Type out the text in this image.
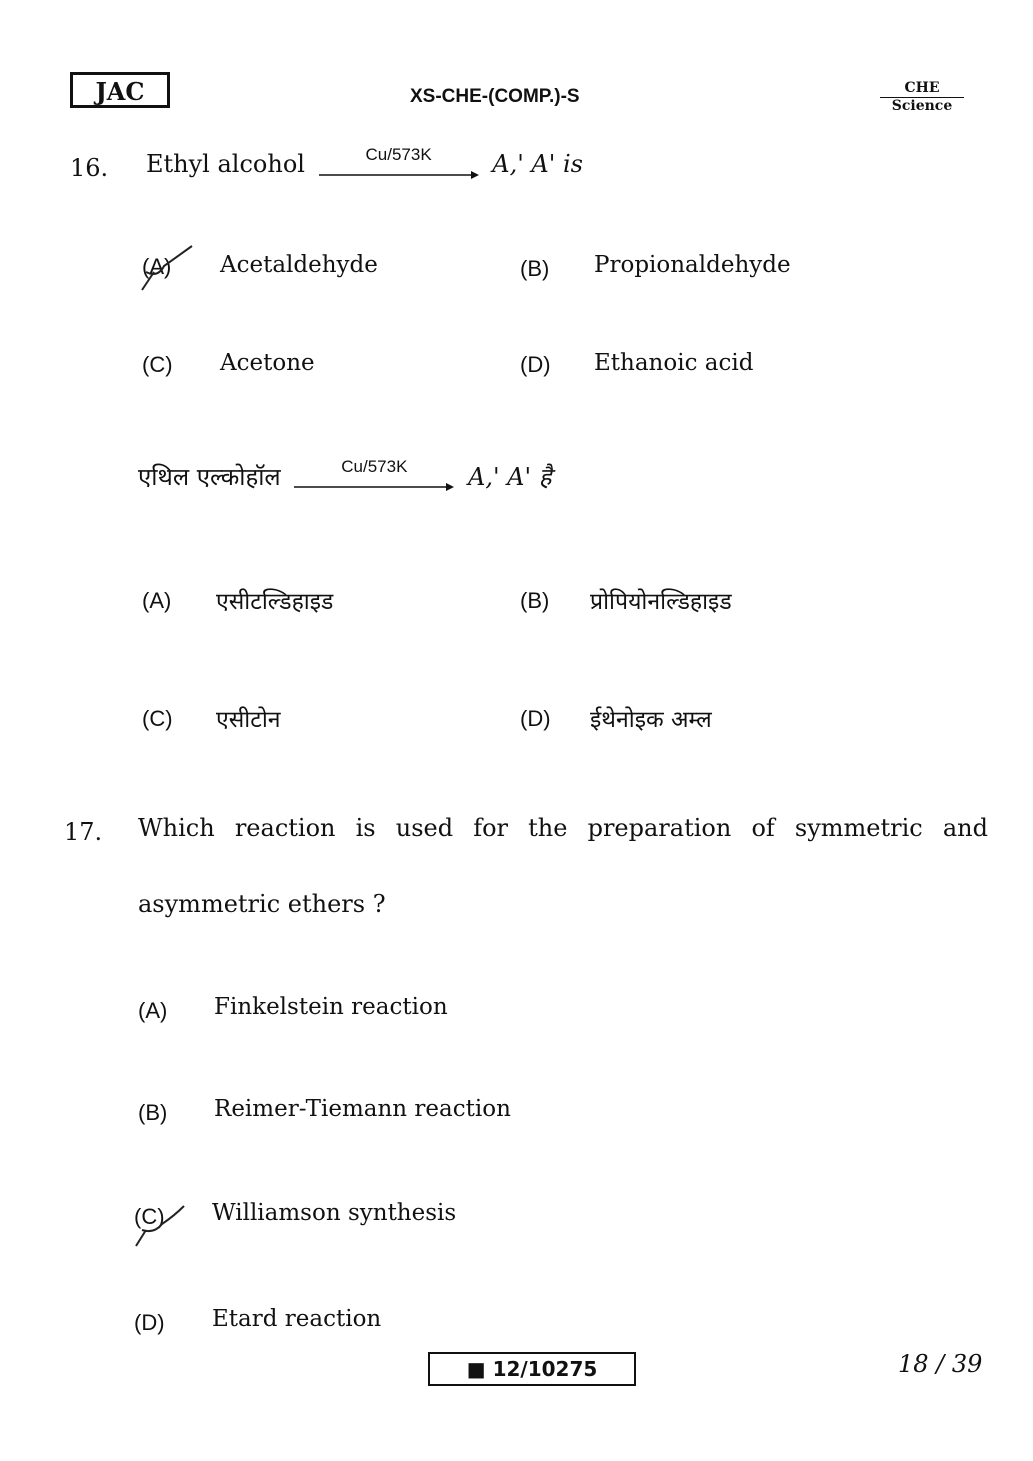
JAC	XS-CHE-(COMP.)-S	CHE
Science
16. Ethyl alcohol	Cu/573K	A,' A' is
(A) Acetaldehyde	(B) Propionaldehyde
(C) Acetone	(D) Ethanoic acid
एथिल एल्कोहॉल	Cu/573K	A,' A' है
(A) एसीटल्डिहाइड	(B) प्रोपियोनल्डिहाइड
(C) एसीटोन	(D) ईथेनोइक अम्ल
17. Which reaction is used for the preparation of symmetric and asymmetric ethers ?
(A) Finkelstein reaction
(B) Reimer-Tiemann reaction
(C) Williamson synthesis
(D) Etard reaction
■ 12/10275	18 / 39
